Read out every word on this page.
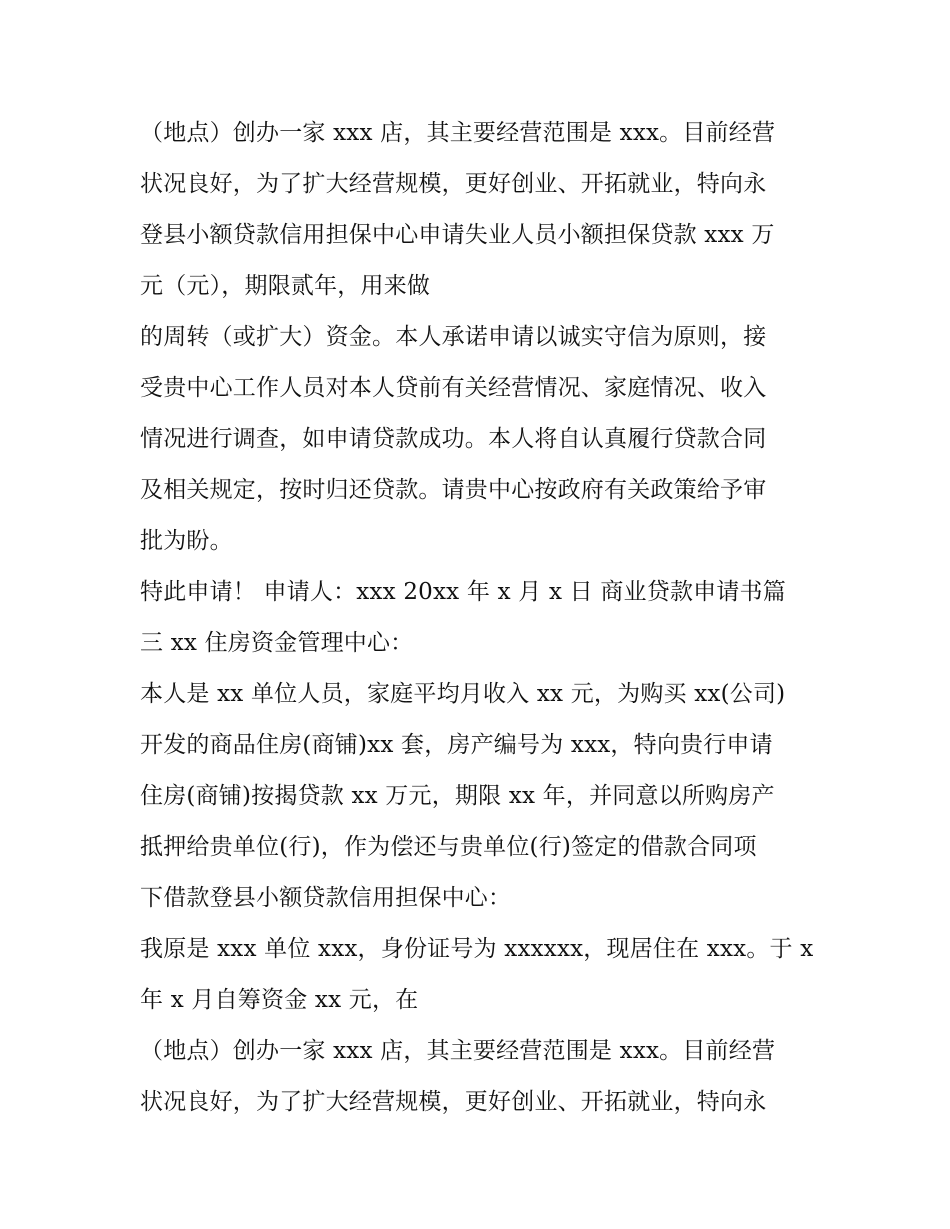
（地点）创办一家 xxx 店，其主要经营范围是 xxx。目前经营
状况良好，为了扩大经营规模，更好创业、开拓就业，特向永
登县小额贷款信用担保中心申请失业人员小额担保贷款 xxx 万
元（元），期限贰年，用来做
的周转（或扩大）资金。本人承诺申请以诚实守信为原则，接
受贵中心工作人员对本人贷前有关经营情况、家庭情况、收入
情况进行调查，如申请贷款成功。本人将自认真履行贷款合同
及相关规定，按时归还贷款。请贵中心按政府有关政策给予审
批为盼。
特此申请！ 申请人：xxx 20xx 年 x 月 x 日 商业贷款申请书篇
三 xx 住房资金管理中心：
本人是 xx 单位人员，家庭平均月收入 xx 元，为购买 xx(公司)
开发的商品住房(商铺)xx 套，房产编号为 xxx，特向贵行申请
住房(商铺)按揭贷款 xx 万元，期限 xx 年，并同意以所购房产
抵押给贵单位(行)，作为偿还与贵单位(行)签定的借款合同项
下借款登县小额贷款信用担保中心：
我原是 xxx 单位 xxx，身份证号为 xxxxxx，现居住在 xxx。于 x
年 x 月自筹资金 xx 元，在
（地点）创办一家 xxx 店，其主要经营范围是 xxx。目前经营
状况良好，为了扩大经营规模，更好创业、开拓就业，特向永
